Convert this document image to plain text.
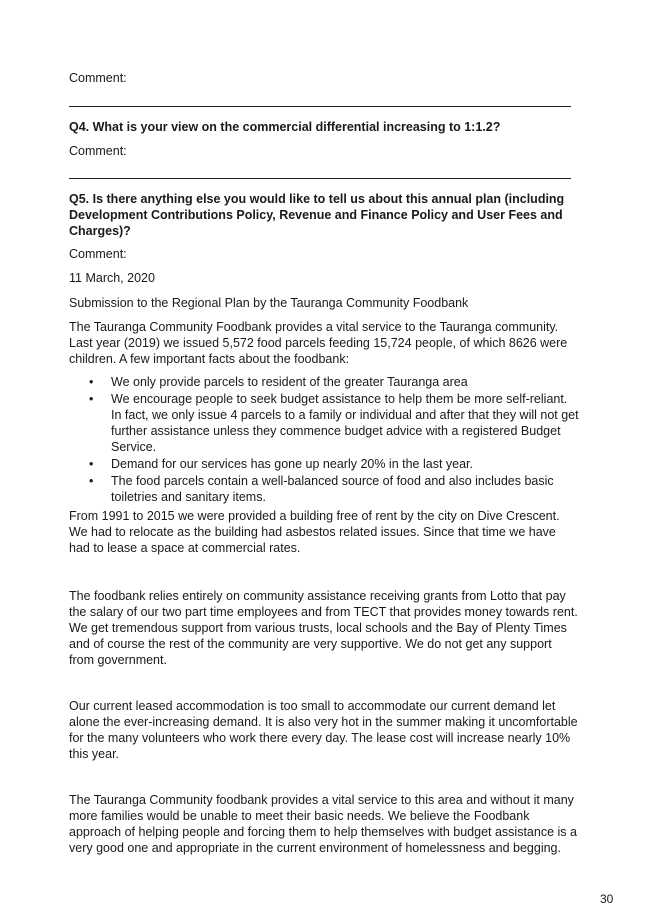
Comment:

Q4. What is your view on the commercial differential increasing to 1:1.2?

Comment:

Q5. Is there anything else you would like to tell us about this annual plan (including Development Contributions Policy, Revenue and Finance Policy and User Fees and Charges)?

Comment:

11 March, 2020

Submission to the Regional Plan by the Tauranga Community Foodbank

The Tauranga Community Foodbank provides a vital service to the Tauranga community. Last year (2019) we issued 5,572 food parcels feeding 15,724 people, of which 8626 were children. A few important facts about the foodbank:

• We only provide parcels to resident of the greater Tauranga area
• We encourage people to seek budget assistance to help them be more self-reliant. In fact, we only issue 4 parcels to a family or individual and after that they will not get further assistance unless they commence budget advice with a registered Budget Service.
• Demand for our services has gone up nearly 20% in the last year.
• The food parcels contain a well-balanced source of food and also includes basic toiletries and sanitary items.

From 1991 to 2015 we were provided a building free of rent by the city on Dive Crescent. We had to relocate as the building had asbestos related issues. Since that time we have had to lease a space at commercial rates.

The foodbank relies entirely on community assistance receiving grants from Lotto that pay the salary of our two part time employees and from TECT that provides money towards rent. We get tremendous support from various trusts, local schools and the Bay of Plenty Times and of course the rest of the community are very supportive. We do not get any support from government.

Our current leased accommodation is too small to accommodate our current demand let alone the ever-increasing demand. It is also very hot in the summer making it uncomfortable for the many volunteers who work there every day. The lease cost will increase nearly 10% this year.

The Tauranga Community foodbank provides a vital service to this area and without it many more families would be unable to meet their basic needs. We believe the Foodbank approach of helping people and forcing them to help themselves with budget assistance is a very good one and appropriate in the current environment of homelessness and begging.

30
